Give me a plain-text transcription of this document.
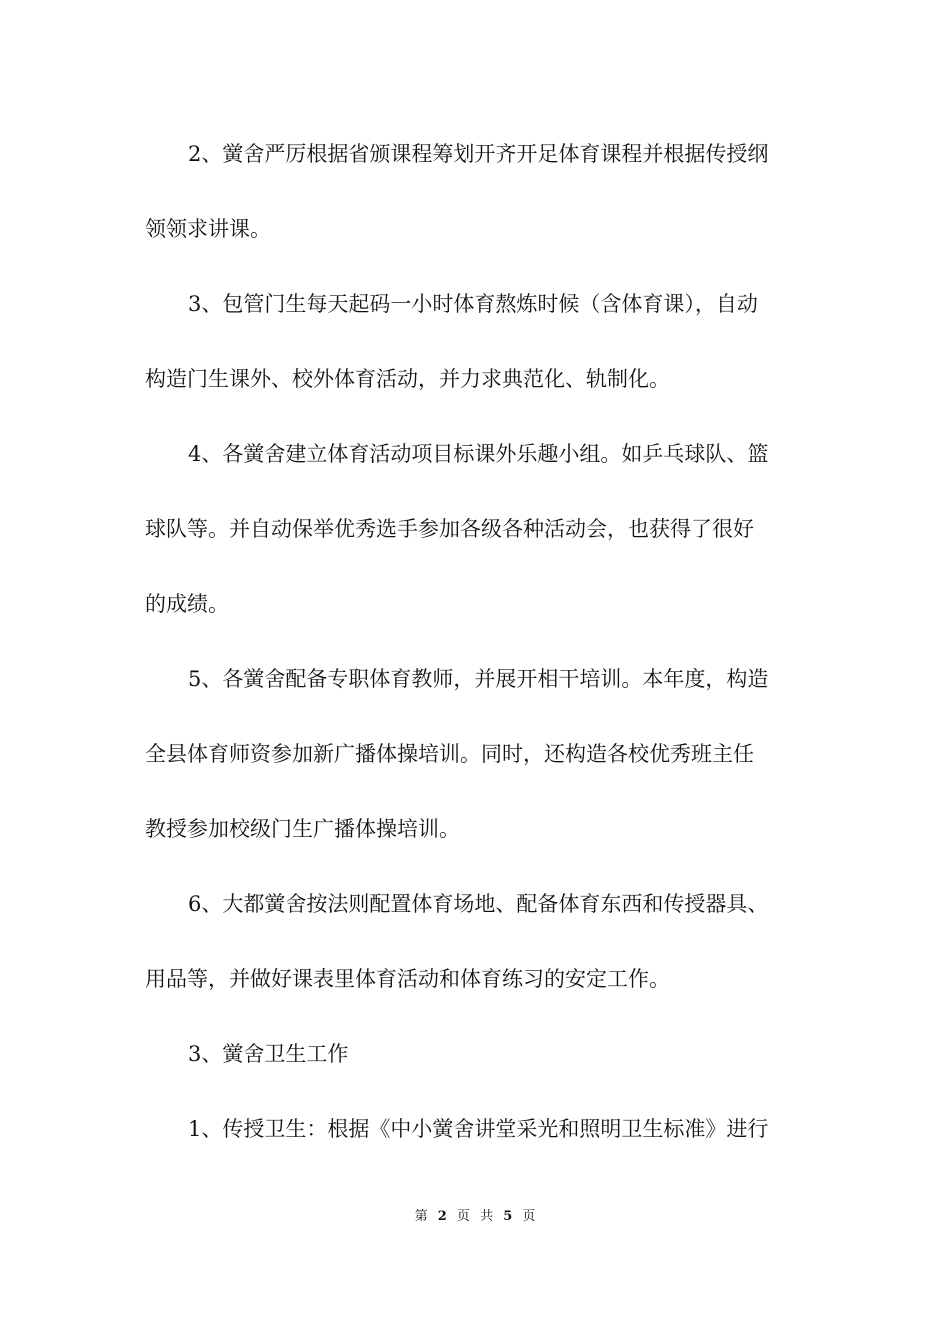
2、黉舍严厉根据省颁课程筹划开齐开足体育课程并根据传授纲
领领求讲课。
3、包管门生每天起码一小时体育熬炼时候（含体育课），自动
构造门生课外、校外体育活动，并力求典范化、轨制化。
4、各黉舍建立体育活动项目标课外乐趣小组。如乒乓球队、篮
球队等。并自动保举优秀选手参加各级各种活动会，也获得了很好
的成绩。
5、各黉舍配备专职体育教师，并展开相干培训。本年度，构造
全县体育师资参加新广播体操培训。同时，还构造各校优秀班主任
教授参加校级门生广播体操培训。
6、大都黉舍按法则配置体育场地、配备体育东西和传授器具、
用品等，并做好课表里体育活动和体育练习的安定工作。
3、黉舍卫生工作
1、传授卫生：根据《中小黉舍讲堂采光和照明卫生标准》进行
第 2 页 共 5 页
